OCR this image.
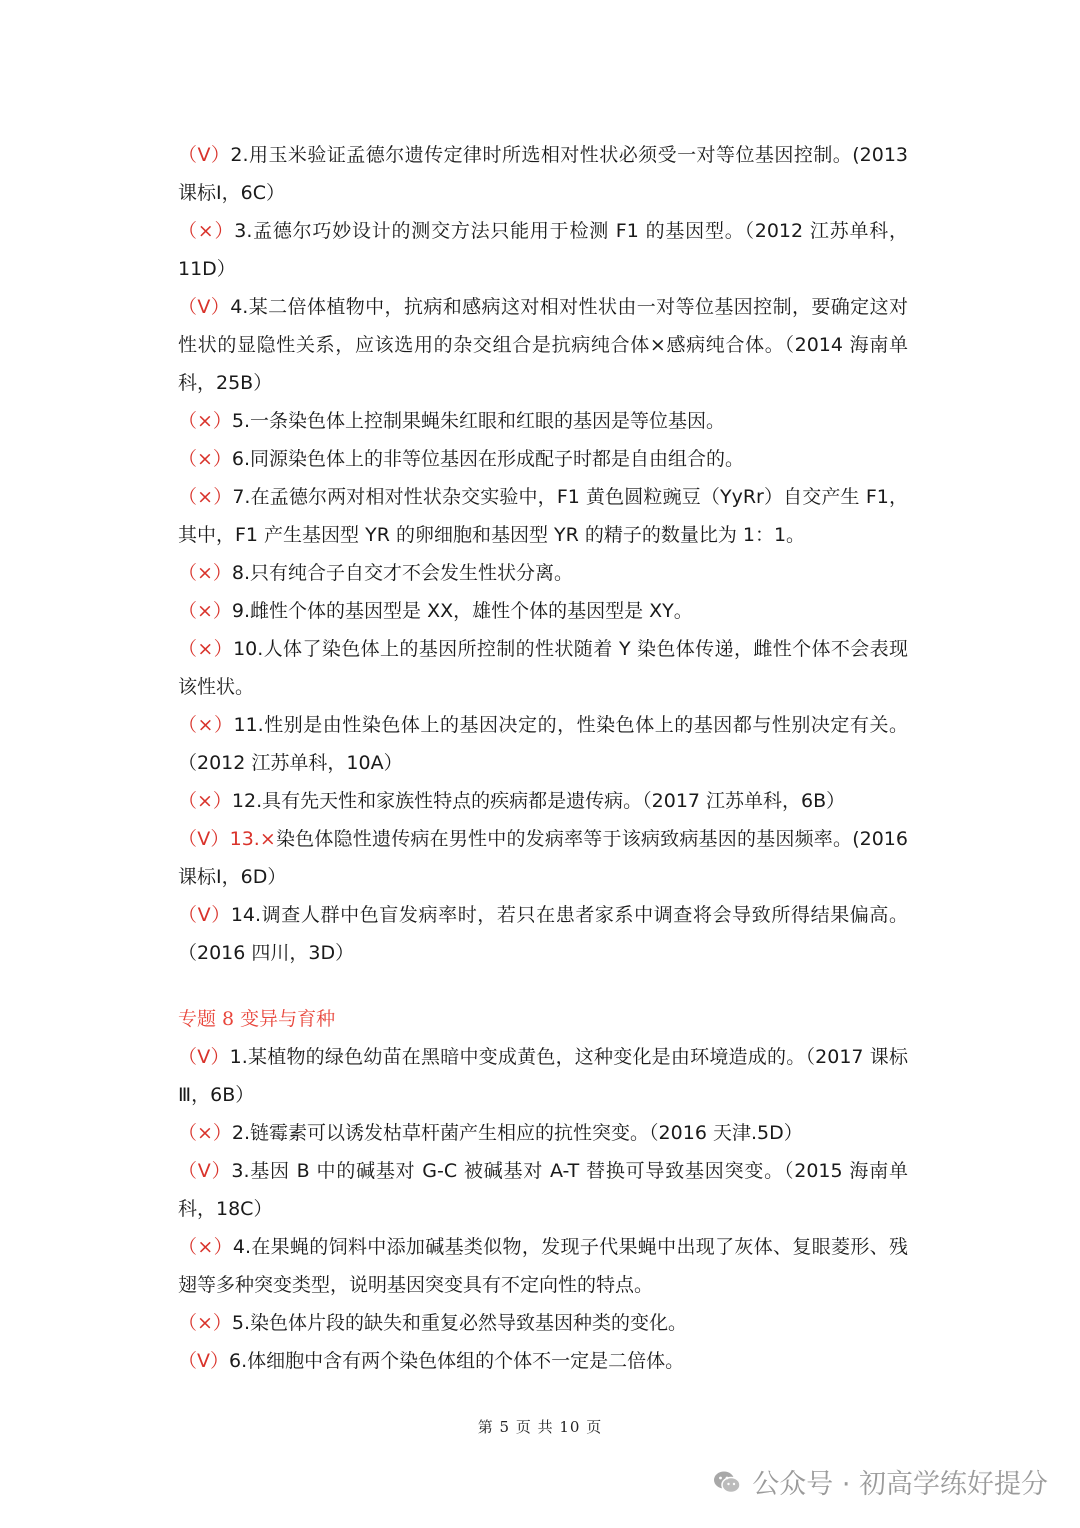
（V）2.用玉米验证孟德尔遗传定律时所选相对性状必须受一对等位基因控制。(2013 课标Ⅰ，6C）

（×）3.孟德尔巧妙设计的测交方法只能用于检测 F1 的基因型。（2012 江苏单科，11D）

（V）4.某二倍体植物中，抗病和感病这对相对性状由一对等位基因控制，要确定这对性状的显隐性关系，应该选用的杂交组合是抗病纯合体×感病纯合体。（2014 海南单科，25B）

（×）5.一条染色体上控制果蝇朱红眼和红眼的基因是等位基因。

（×）6.同源染色体上的非等位基因在形成配子时都是自由组合的。

（×）7.在孟德尔两对相对性状杂交实验中，F1 黄色圆粒豌豆（YyRr）自交产生 F1，其中，F1 产生基因型 YR 的卵细胞和基因型 YR 的精子的数量比为 1：1。

（×）8.只有纯合子自交才不会发生性状分离。

（×）9.雌性个体的基因型是 XX，雄性个体的基因型是 XY。

（×）10.人体了染色体上的基因所控制的性状随着 Y 染色体传递，雌性个体不会表现该性状。

（×）11.性别是由性染色体上的基因决定的，性染色体上的基因都与性别决定有关。（2012 江苏单科，10A）

（×）12.具有先天性和家族性特点的疾病都是遗传病。（2017 江苏单科，6B）

（V）13.×染色体隐性遗传病在男性中的发病率等于该病致病基因的基因频率。(2016 课标Ⅰ，6D）

（V）14.调查人群中色盲发病率时，若只在患者家系中调查将会导致所得结果偏高。（2016 四川，3D）

专题 8 变异与育种

（V）1.某植物的绿色幼苗在黑暗中变成黄色，这种变化是由环境造成的。（2017 课标Ⅲ，6B）

（×）2.链霉素可以诱发枯草杆菌产生相应的抗性突变。（2016 天津.5D）

（V）3.基因 B 中的碱基对 G-C 被碱基对 A-T 替换可导致基因突变。（2015 海南单科，18C）

（×）4.在果蝇的饲料中添加碱基类似物，发现子代果蝇中出现了灰体、复眼菱形、残翅等多种突变类型，说明基因突变具有不定向性的特点。

（×）5.染色体片段的缺失和重复必然导致基因种类的变化。

（V）6.体细胞中含有两个染色体组的个体不一定是二倍体。

第 5 页 共 10 页
公众号 · 初高学练好提分
